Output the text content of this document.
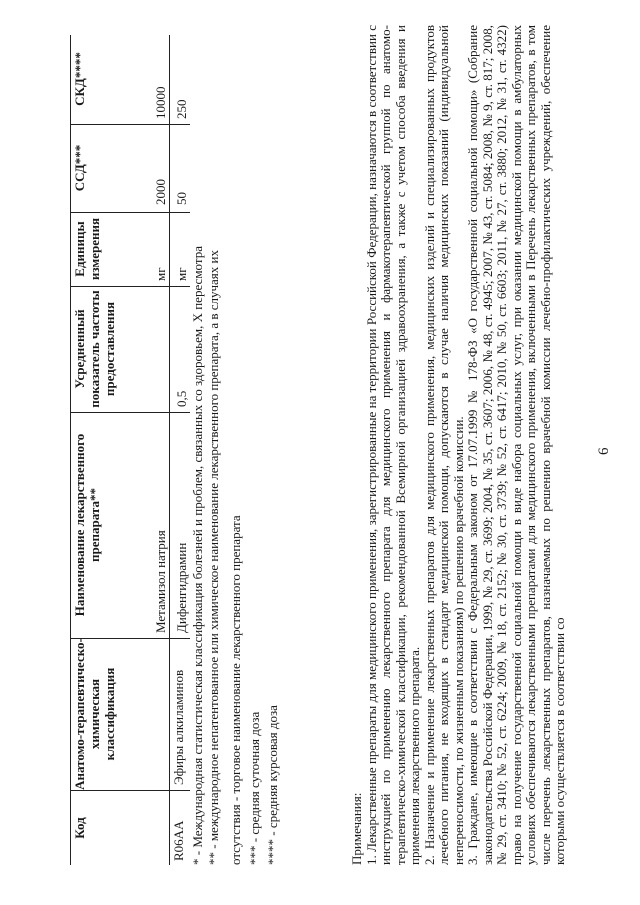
6
Код
Анатомо-терапевтическо-химическая классификация
Наименование лекарственного препарата**
Усредненный показатель частоты предоставления
Единицы измерения
ССД***
СКД****
R06AA
Эфиры алкиламинов
Метамизол натрия
мг
2000
10000
Дифенгидрамин
0,5
мг
50
250
* - Международная статистическая классификация болезней и проблем, связанных со здоровьем, X пересмотра ** - международное непатентованное или химическое наименование лекарственного препарата, а в случаях их отсутствия - торговое наименование лекарственного препарата *** - средняя суточная доза **** - средняя курсовая доза	Примечания: 1. Лекарственные препараты для медицинского применения, зарегистрированные на территории Российской Федерации, назначаются в соответствии с инструкцией по применению лекарственного препарата для медицинского применения и фармакотерапевтической группой по анатомо-терапевтическо-химической классификации, рекомендованной Всемирной организацией здравоохранения, а также с учетом способа введения и применения лекарственного препарата. 2. Назначение и применение лекарственных препаратов для медицинского применения, медицинских изделий и специализированных продуктов лечебного питания, не входящих в стандарт медицинской помощи, допускаются в случае наличия медицинских показаний (индивидуальной непереносимости, по жизненным показаниям) по решению врачебной комиссии. 3. Граждане, имеющие в соответствии с Федеральным законом от 17.07.1999 № 178-ФЗ «О государственной социальной помощи» (Собрание законодательства Российской Федерации, 1999, № 29, ст. 3699; 2004, № 35, ст. 3607; 2006, № 48, ст. 4945; 2007, № 43, ст. 5084; 2008, № 9, ст. 817; 2008, № 29, ст. 3410; № 52, ст. 6224; 2009, № 18, ст. 2152; № 30, ст. 3739; № 52, ст. 6417; 2010, № 50, ст. 6603; 2011, № 27, ст. 3880; 2012, № 31, ст. 4322) право на получение государственной социальной помощи в виде набора социальных услуг, при оказании медицинской помощи в амбулаторных условиях обеспечиваются лекарственными препаратами для медицинского применения, включенными в Перечень лекарственных препаратов, в том числе перечень лекарственных препаратов, назначаемых по решению врачебной комиссии лечебно-профилактических учреждений, обеспечение которыми осуществляется в соответствии со
